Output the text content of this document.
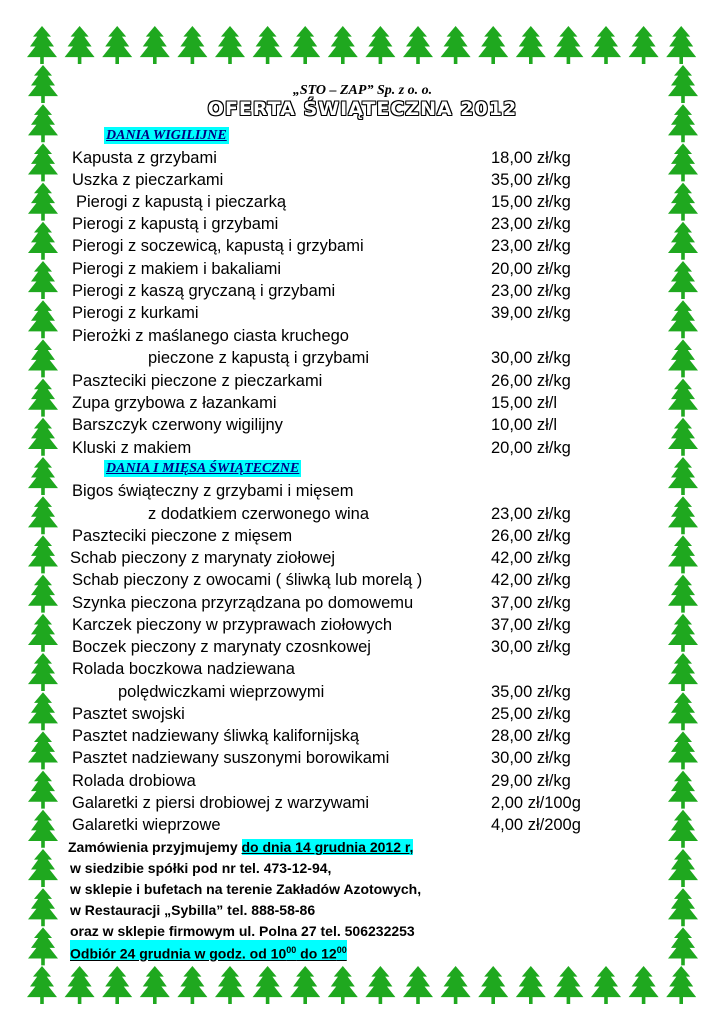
„STO – ZAP” Sp. z o. o.
OFERTA ŚWIĄTECZNA 2012
DANIA WIGILIJNE
Kapusta z grzybami	18,00 zł/kg
Uszka z pieczarkami	35,00 zł/kg
Pierogi z kapustą i pieczarką	15,00 zł/kg
Pierogi z kapustą i grzybami	23,00 zł/kg
Pierogi z soczewicą, kapustą i grzybami	23,00 zł/kg
Pierogi z makiem i bakaliami	20,00 zł/kg
Pierogi z kaszą gryczaną i grzybami	23,00 zł/kg
Pierogi z kurkami	39,00 zł/kg
Pierożki z maślanego ciasta kruchego
pieczone z kapustą i grzybami	30,00 zł/kg
Paszteciki pieczone z pieczarkami	26,00 zł/kg
Zupa grzybowa z łazankami	15,00 zł/l
Barszczyk czerwony wigilijny	10,00 zł/l
Kluski z makiem	20,00 zł/kg
DANIA I MIĘSA ŚWIĄTECZNE
Bigos świąteczny z grzybami i mięsem
z dodatkiem czerwonego wina	23,00 zł/kg
Paszteciki pieczone z mięsem	26,00 zł/kg
Schab pieczony z marynaty ziołowej	42,00 zł/kg
Schab pieczony z owocami ( śliwką lub morelą )	42,00 zł/kg
Szynka pieczona przyrządzana po domowemu	37,00 zł/kg
Karczek pieczony w przyprawach ziołowych	37,00 zł/kg
Boczek pieczony z marynaty czosnkowej	30,00 zł/kg
Rolada boczkowa nadziewana
polędwiczkami wieprzowymi	35,00 zł/kg
Pasztet swojski	25,00 zł/kg
Pasztet nadziewany śliwką kalifornijską	28,00 zł/kg
Pasztet nadziewany suszonymi borowikami	30,00 zł/kg
Rolada drobiowa	29,00 zł/kg
Galaretki z piersi drobiowej z warzywami	2,00 zł/100g
Galaretki wieprzowe	4,00 zł/200g
Zamówienia przyjmujemy do dnia 14 grudnia 2012 r,
w siedzibie spółki pod nr tel. 473-12-94,
w sklepie i bufetach na terenie Zakładów Azotowych,
w Restauracji „Sybilla” tel. 888-58-86
oraz w sklepie firmowym ul. Polna 27 tel. 506232253
Odbiór 24 grudnia w godz. od $10^{00}$ do $12^{00}$
